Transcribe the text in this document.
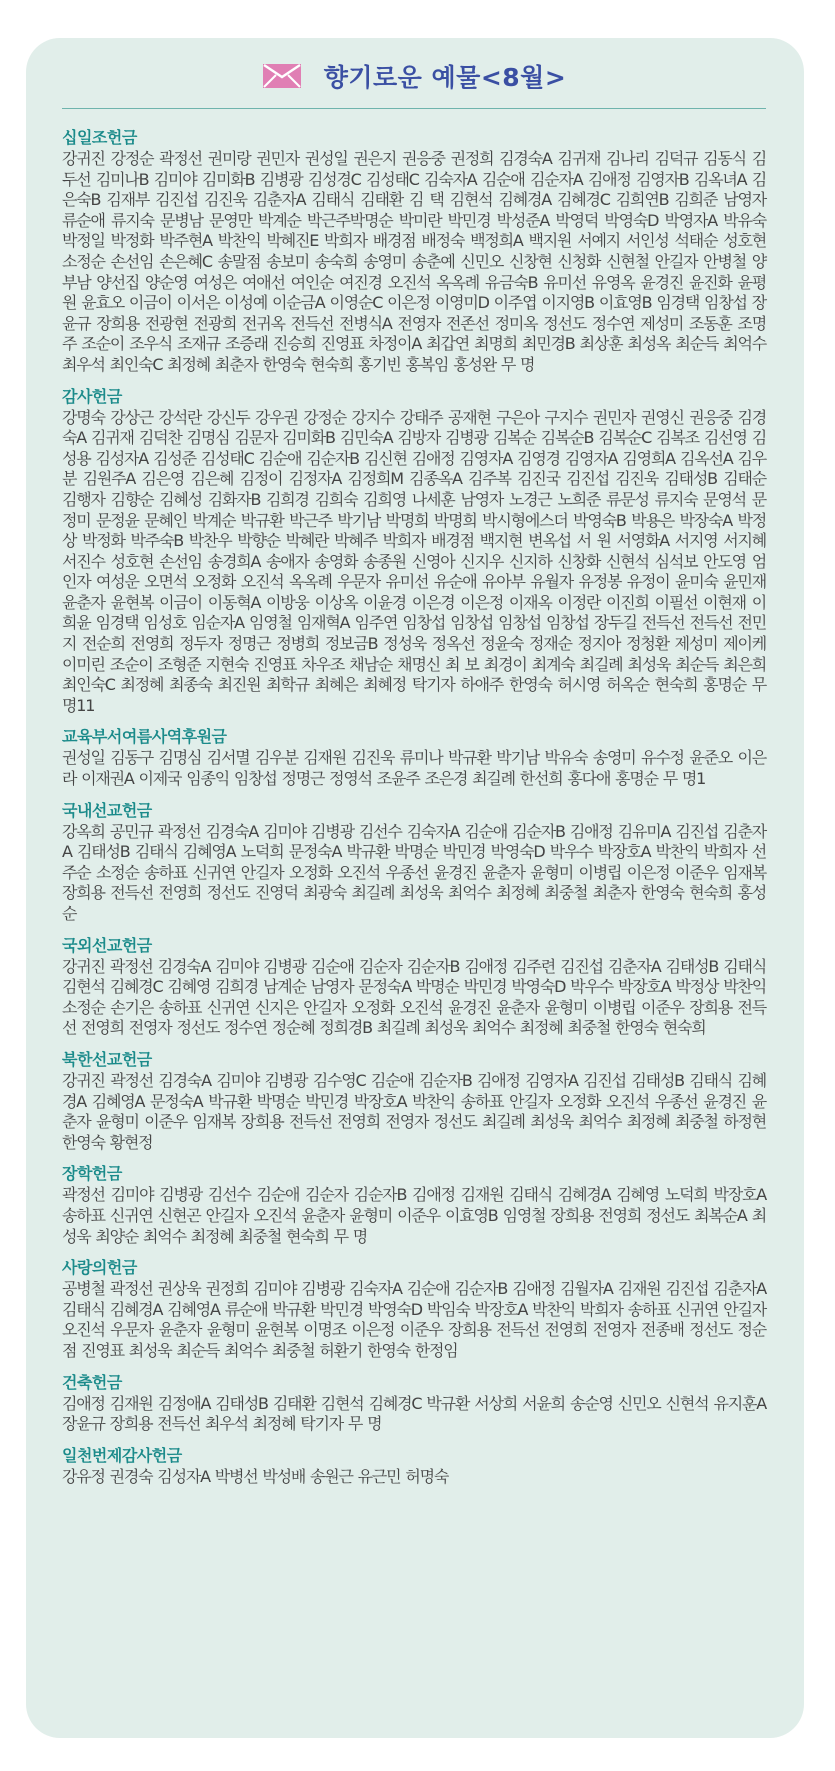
향기로운 예물<8월>
십일조헌금
강귀진 강정순 곽정선 권미랑 권민자 권성일 권은지 권응중 권정희 김경숙A 김귀재 김나리 김덕규 김동식 김두선 김미나B 김미야 김미화B 김병광 김성경C 김성태C 김숙자A 김순애 김순자A 김애정 김영자B 김옥녀A 김은숙B 김재부 김진섭 김진욱 김춘자A 김태식 김태환 김 택 김현석 김혜경A 김혜경C 김희연B 김희준 남영자 류순애 류지숙 문병남 문영만 박계순 박근주박명순 박미란 박민경 박성준A 박영덕 박영숙D 박영자A 박유숙 박정일 박정화 박주현A 박찬익 박혜진E 박희자 배경점 배정숙 백정희A 백지원 서예지 서인성 석태순 성호현 소정순 손선임 손은혜C 송말점 송보미 송숙희 송영미 송춘예 신민오 신창현 신청화 신현철 안길자 안병철 양부남 양선집 양순영 여성은 여애선 여인순 여진경 오진석 옥옥례 유금숙B 유미선 유영옥 윤경진 윤진화 윤평원 윤효오 이금이 이서은 이성예 이순금A 이영순C 이은정 이영미D 이주엽 이지영B 이효영B 임경택 임창섭 장윤규 장희용 전광현 전광희 전귀옥 전득선 전병식A 전영자 전존선 정미옥 정선도 정수연 제성미 조동훈 조명주 조순이 조우식 조재규 조증래 진승희 진영표 차정이A 최갑연 최명희 최민경B 최상훈 최성옥 최순득 최억수 최우석 최인숙C 최정혜 최춘자 한영숙 현숙희 홍기빈 홍복임 홍성완 무 명
감사헌금
강명숙 강상근 강석란 강신두 강우권 강정순 강지수 강태주 공재현 구은아 구지수 권민자 권영신 권응중 김경숙A 김귀재 김덕찬 김명심 김문자 김미화B 김민숙A 김방자 김병광 김복순 김복순B 김복순C 김복조 김선영 김성용 김성자A 김성준 김성태C 김순애 김순자B 김신현 김애정 김영자A 김영경 김영자A 김영희A 김옥선A 김우분 김원주A 김은영 김은혜 김정이 김정자A 김정희M 김종옥A 김주복 김진국 김진섭 김진욱 김태성B 김태순 김행자 김향순 김혜성 김화자B 김희경 김희숙 김희영 나세훈 남영자 노경근 노희준 류문성 류지숙 문영석 문정미 문정윤 문혜인 박계순 박규환 박근주 박기남 박명희 박명희 박시형에스더 박영숙B 박용은 박장숙A 박정상 박정화 박주숙B 박찬우 박향순 박혜란 박혜주 박희자 배경점 백지현 변옥섭 서 원 서영화A 서지영 서지혜 서진수 성호현 손선임 송경희A 송애자 송영화 송종원 신영아 신지우 신지하 신창화 신현석 심석보 안도영 엄인자 여성운 오면석 오정화 오진석 옥옥례 우문자 유미선 유순애 유아부 유월자 유정봉 유정이 윤미숙 윤민재 윤춘자 윤현복 이금이 이동혁A 이방웅 이상옥 이윤경 이은경 이은정 이재옥 이정란 이진희 이필선 이현재 이희윤 임경택 임성호 임순자A 임영철 임재혁A 임주연 임창섭 임창섭 임창섭 임창섭 장두길 전득선 전득선 전민지 전순희 전영희 정두자 정명근 정병희 정보금B 정성욱 정옥선 정윤숙 정재순 정지아 정청환 제성미 제이케이미린 조순이 조형준 지현숙 진영표 차우조 채남순 채명신 최 보 최경이 최계숙 최길례 최성욱 최순득 최은희 최인숙C 최정혜 최종숙 최진원 최학규 최혜은 최혜정 탁기자 하애주 한영숙 허시영 허옥순 현숙희 홍명순 무명11
교육부서여름사역후원금
권성일 김동구 김명심 김서멸 김우분 김재원 김진욱 류미나 박규환 박기남 박유숙 송영미 유수정 윤준오 이은라 이재권A 이제국 임종익 임창섭 정명근 정영석 조윤주 조은경 최길례 한선희 홍다애 홍명순 무 명1
국내선교헌금
강옥희 공민규 곽정선 김경숙A 김미야 김병광 김선수 김숙자A 김순애 김순자B 김애정 김유미A 김진섭 김춘자A 김태성B 김태식 김혜영A 노덕희 문정숙A 박규환 박명순 박민경 박영숙D 박우수 박장호A 박찬익 박희자 선주순 소정순 송하표 신귀연 안길자 오정화 오진석 우종선 윤경진 윤춘자 윤형미 이병립 이은정 이준우 임재복 장희용 전득선 전영희 정선도 진영덕 최광숙 최길례 최성욱 최억수 최정혜 최중철 최춘자 한영숙 현숙희 홍성순
국외선교헌금
강귀진 곽정선 김경숙A 김미야 김병광 김순애 김순자 김순자B 김애정 김주련 김진섭 김춘자A 김태성B 김태식 김현석 김혜경C 김혜영 김희경 남계순 남영자 문정숙A 박명순 박민경 박영숙D 박우수 박장호A 박정상 박찬익 소정순 손기은 송하표 신귀연 신지은 안길자 오정화 오진석 윤경진 윤춘자 윤형미 이병립 이준우 장희용 전득선 전영희 전영자 정선도 정수연 정순혜 정희경B 최길례 최성욱 최억수 최정혜 최중철 한영숙 현숙희
북한선교헌금
강귀진 곽정선 김경숙A 김미야 김병광 김수영C 김순애 김순자B 김애정 김영자A 김진섭 김태성B 김태식 김혜경A 김혜영A 문정숙A 박규환 박명순 박민경 박장호A 박찬익 송하표 안길자 오정화 오진석 우종선 윤경진 윤춘자 윤형미 이준우 임재복 장희용 전득선 전영희 전영자 정선도 최길례 최성욱 최억수 최정혜 최중철 하정현 한영숙 황현정
장학헌금
곽정선 김미야 김병광 김선수 김순애 김순자 김순자B 김애정 김재원 김태식 김혜경A 김혜영 노덕희 박장호A 송하표 신귀연 신현곤 안길자 오진석 윤춘자 윤형미 이준우 이효영B 임영철 장희용 전영희 정선도 최복순A 최성욱 최양순 최억수 최정혜 최중철 현숙희 무 명
사랑의헌금
공병철 곽정선 권상욱 권정희 김미야 김병광 김숙자A 김순애 김순자B 김애정 김월자A 김재원 김진섭 김춘자A 김태식 김혜경A 김혜영A 류순애 박규환 박민경 박영숙D 박임숙 박장호A 박찬익 박희자 송하표 신귀연 안길자 오진석 우문자 윤춘자 윤형미 윤현복 이명조 이은정 이준우 장희용 전득선 전영희 전영자 전종배 정선도 정순점 진영표 최성욱 최순득 최억수 최중철 허환기 한영숙 한정임
건축헌금
김애정 김재원 김정애A 김태성B 김태환 김현석 김혜경C 박규환 서상희 서윤희 송순영 신민오 신현석 유지훈A 장윤규 장희용 전득선 최우석 최정혜 탁기자 무 명
일천번제감사헌금
강유정 권경숙 김성자A 박병선 박성배 송원근 유근민 허명숙
